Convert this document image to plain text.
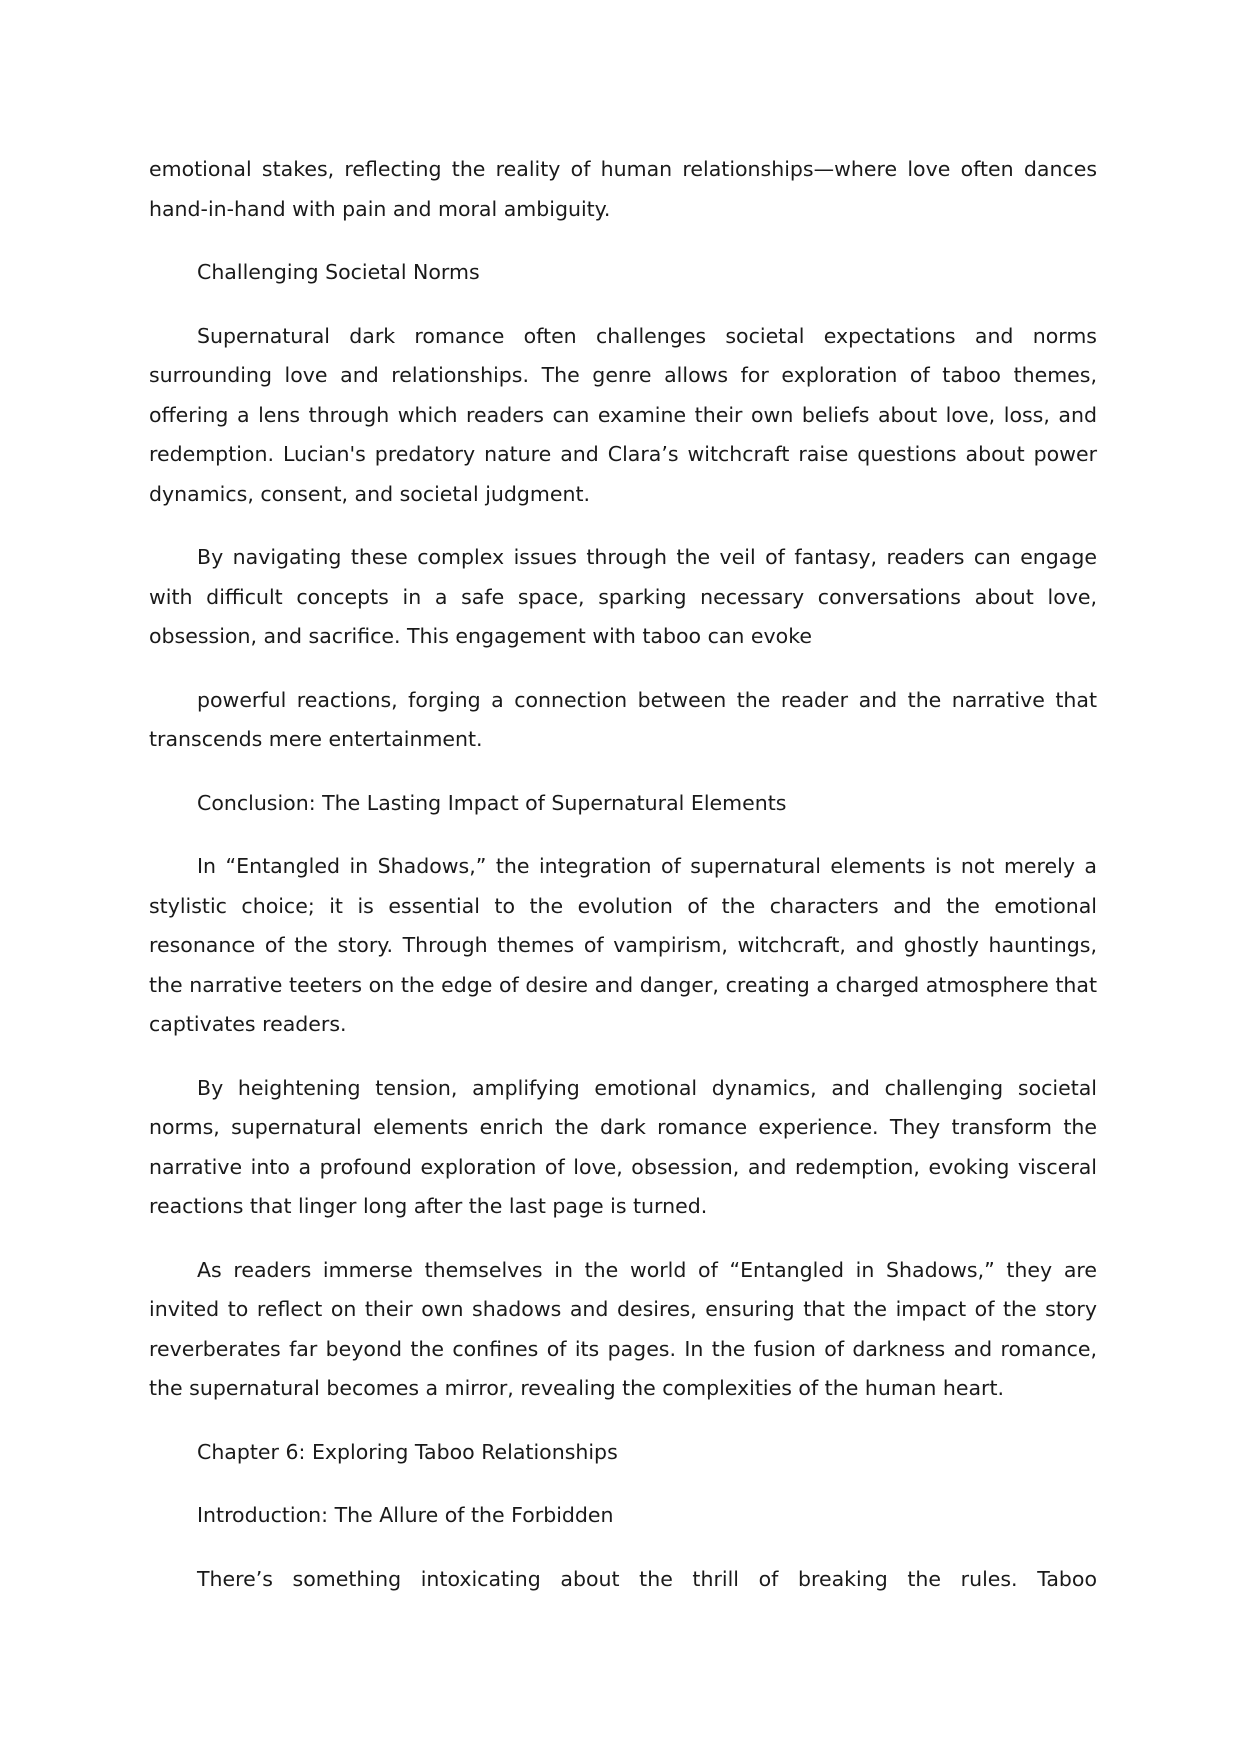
emotional stakes, reflecting the reality of human relationships—where love often dances hand-in-hand with pain and moral ambiguity.

Challenging Societal Norms

Supernatural dark romance often challenges societal expectations and norms surrounding love and relationships. The genre allows for exploration of taboo themes, offering a lens through which readers can examine their own beliefs about love, loss, and redemption. Lucian's predatory nature and Clara’s witchcraft raise questions about power dynamics, consent, and societal judgment.

By navigating these complex issues through the veil of fantasy, readers can engage with difficult concepts in a safe space, sparking necessary conversations about love, obsession, and sacrifice. This engagement with taboo can evoke

powerful reactions, forging a connection between the reader and the narrative that transcends mere entertainment.

Conclusion: The Lasting Impact of Supernatural Elements

In “Entangled in Shadows,” the integration of supernatural elements is not merely a stylistic choice; it is essential to the evolution of the characters and the emotional resonance of the story. Through themes of vampirism, witchcraft, and ghostly hauntings, the narrative teeters on the edge of desire and danger, creating a charged atmosphere that captivates readers.

By heightening tension, amplifying emotional dynamics, and challenging societal norms, supernatural elements enrich the dark romance experience. They transform the narrative into a profound exploration of love, obsession, and redemption, evoking visceral reactions that linger long after the last page is turned.

As readers immerse themselves in the world of “Entangled in Shadows,” they are invited to reflect on their own shadows and desires, ensuring that the impact of the story reverberates far beyond the confines of its pages. In the fusion of darkness and romance, the supernatural becomes a mirror, revealing the complexities of the human heart.

Chapter 6: Exploring Taboo Relationships

Introduction: The Allure of the Forbidden

There’s something intoxicating about the thrill of breaking the rules. Taboo
